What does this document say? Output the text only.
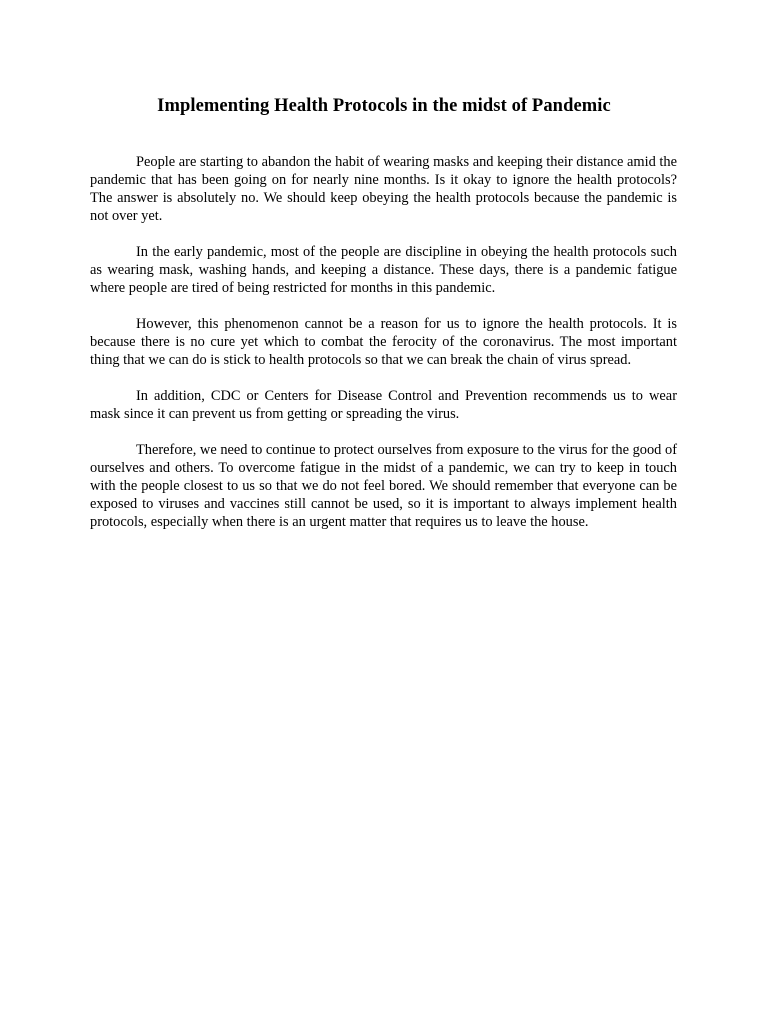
Implementing Health Protocols in the midst of Pandemic

People are starting to abandon the habit of wearing masks and keeping their distance amid the pandemic that has been going on for nearly nine months. Is it okay to ignore the health protocols? The answer is absolutely no. We should keep obeying the health protocols because the pandemic is not over yet.

In the early pandemic, most of the people are discipline in obeying the health protocols such as wearing mask, washing hands, and keeping a distance. These days, there is a pandemic fatigue where people are tired of being restricted for months in this pandemic.

However, this phenomenon cannot be a reason for us to ignore the health protocols. It is because there is no cure yet which to combat the ferocity of the coronavirus. The most important thing that we can do is stick to health protocols so that we can break the chain of virus spread.

In addition, CDC or Centers for Disease Control and Prevention recommends us to wear mask since it can prevent us from getting or spreading the virus.

Therefore, we need to continue to protect ourselves from exposure to the virus for the good of ourselves and others. To overcome fatigue in the midst of a pandemic, we can try to keep in touch with the people closest to us so that we do not feel bored. We should remember that everyone can be exposed to viruses and vaccines still cannot be used, so it is important to always implement health protocols, especially when there is an urgent matter that requires us to leave the house.
